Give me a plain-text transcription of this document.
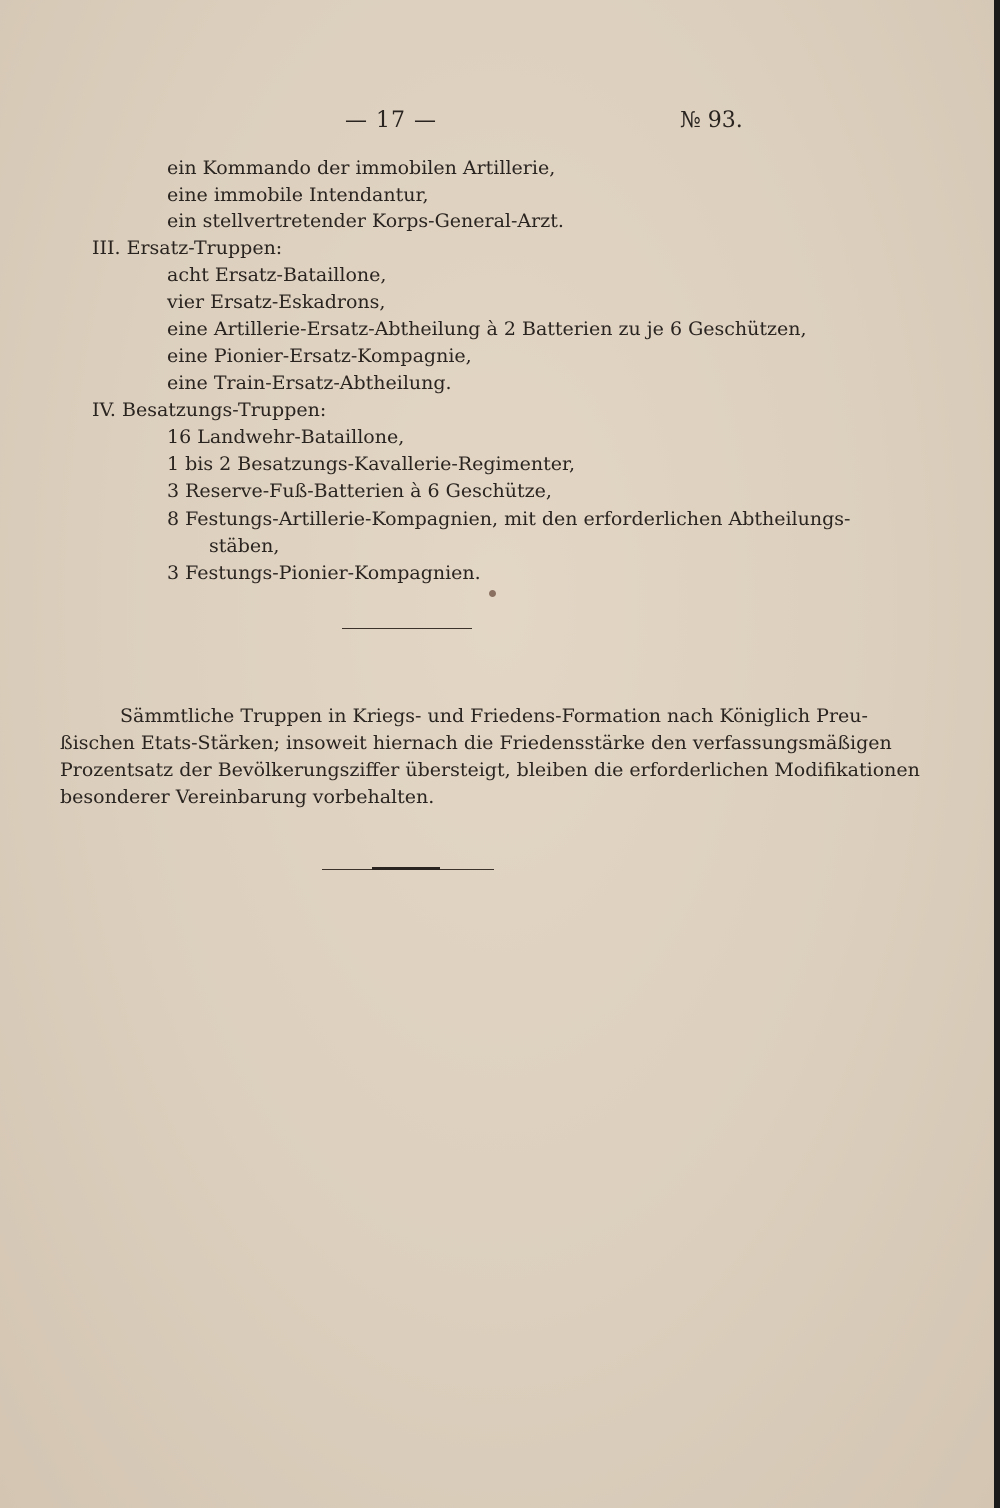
— 17 —	№ 93.
ein Kommando der immobilen Artillerie,
eine immobile Intendantur,
ein stellvertretender Korps-General-Arzt.
III. Ersatz-Truppen:
acht Ersatz-Bataillone,
vier Ersatz-Eskadrons,
eine Artillerie-Ersatz-Abtheilung à 2 Batterien zu je 6 Geschützen,
eine Pionier-Ersatz-Kompagnie,
eine Train-Ersatz-Abtheilung.
IV. Besatzungs-Truppen:
16 Landwehr-Bataillone,
1 bis 2 Besatzungs-Kavallerie-Regimenter,
3 Reserve-Fuß-Batterien à 6 Geschütze,
8 Festungs-Artillerie-Kompagnien, mit den erforderlichen Abtheilungs-
stäben,
3 Festungs-Pionier-Kompagnien.
Sämmtliche Truppen in Kriegs- und Friedens-Formation nach Königlich Preu-
ßischen Etats-Stärken; insoweit hiernach die Friedensstärke den verfassungsmäßigen
Prozentsatz der Bevölkerungsziffer übersteigt, bleiben die erforderlichen Modifikationen
besonderer Vereinbarung vorbehalten.
